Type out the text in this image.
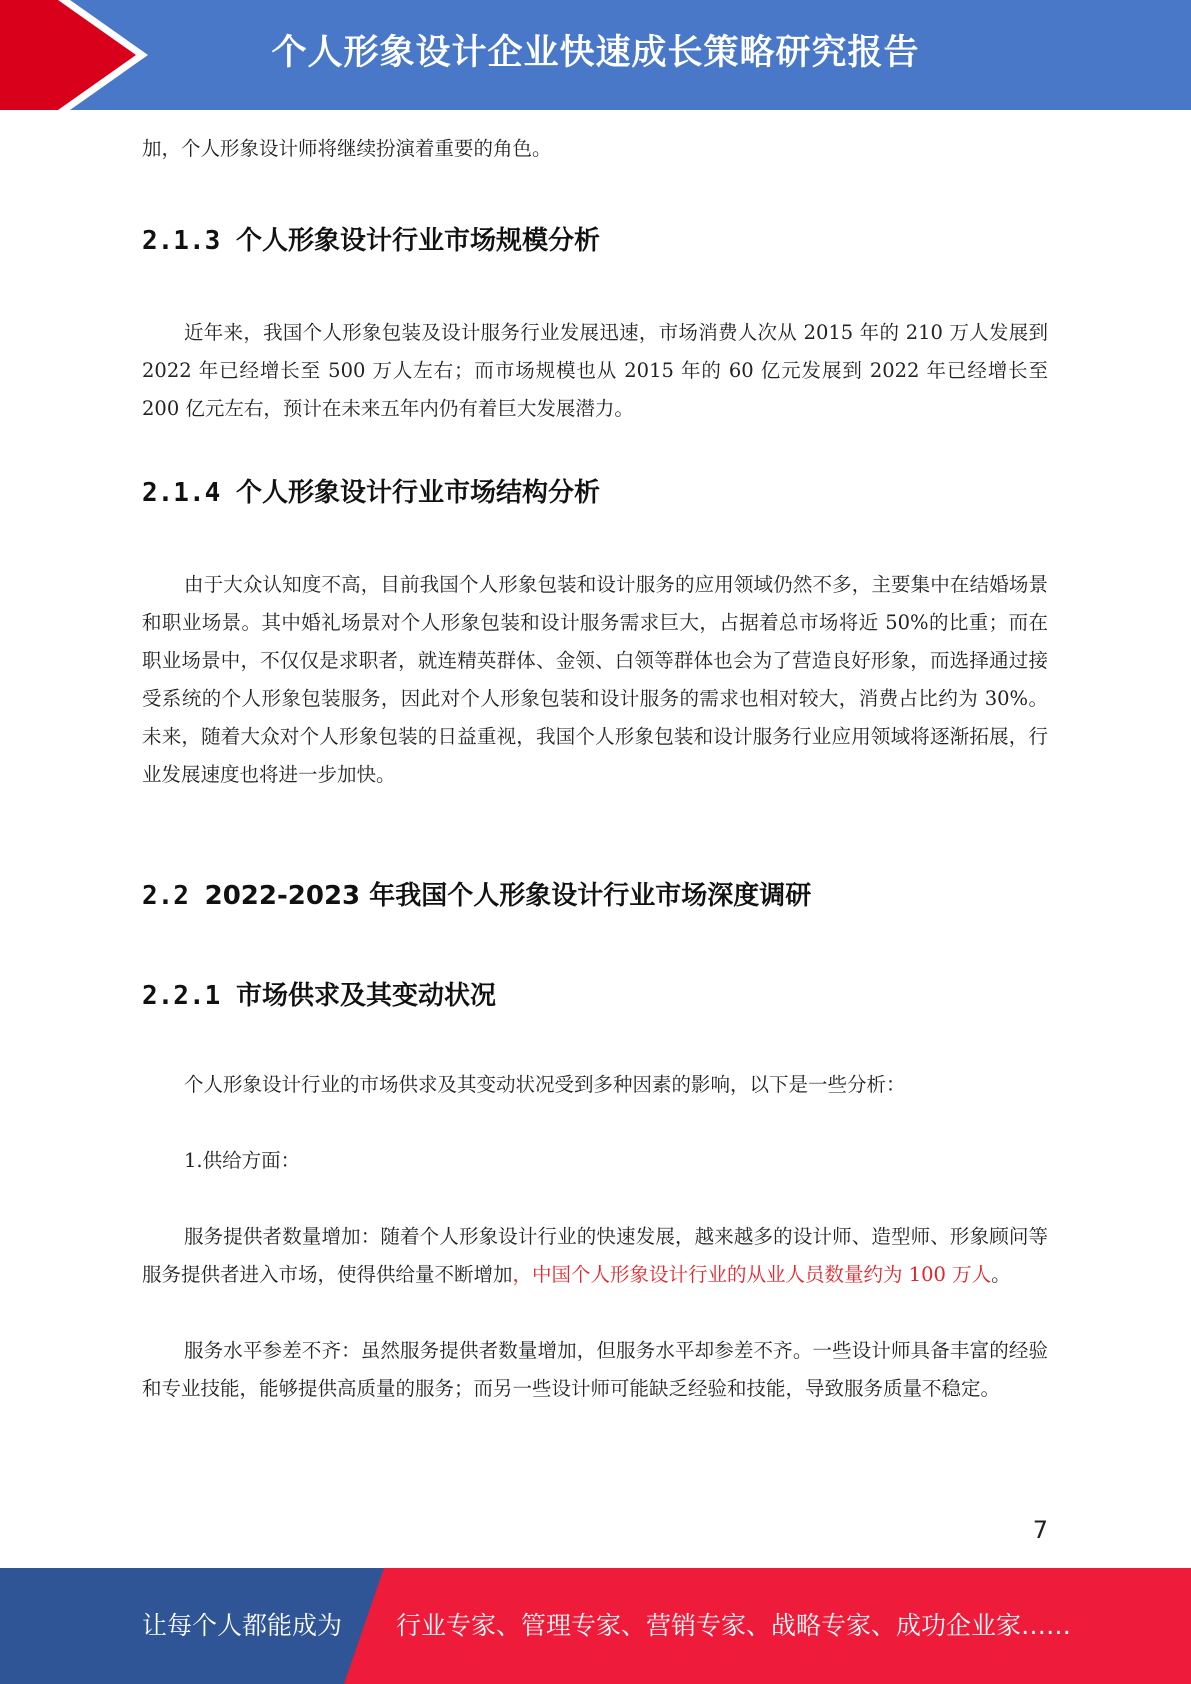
个人形象设计企业快速成长策略研究报告

加，个人形象设计师将继续扮演着重要的角色。

2.1.3 个人形象设计行业市场规模分析

近年来，我国个人形象包装及设计服务行业发展迅速，市场消费人次从 2015 年的 210 万人发展到 2022 年已经增长至 500 万人左右；而市场规模也从 2015 年的 60 亿元发展到 2022 年已经增长至 200 亿元左右，预计在未来五年内仍有着巨大发展潜力。

2.1.4 个人形象设计行业市场结构分析

由于大众认知度不高，目前我国个人形象包装和设计服务的应用领域仍然不多，主要集中在结婚场景和职业场景。其中婚礼场景对个人形象包装和设计服务需求巨大，占据着总市场将近 50%的比重；而在职业场景中，不仅仅是求职者，就连精英群体、金领、白领等群体也会为了营造良好形象，而选择通过接受系统的个人形象包装服务，因此对个人形象包装和设计服务的需求也相对较大，消费占比约为 30%。未来，随着大众对个人形象包装的日益重视，我国个人形象包装和设计服务行业应用领域将逐渐拓展，行业发展速度也将进一步加快。

2.2 2022-2023 年我国个人形象设计行业市场深度调研
2.2.1 市场供求及其变动状况

个人形象设计行业的市场供求及其变动状况受到多种因素的影响，以下是一些分析：

1.供给方面：

服务提供者数量增加：随着个人形象设计行业的快速发展，越来越多的设计师、造型师、形象顾问等服务提供者进入市场，使得供给量不断增加，中国个人形象设计行业的从业人员数量约为 100 万人。

服务水平参差不齐：虽然服务提供者数量增加，但服务水平却参差不齐。一些设计师具备丰富的经验和专业技能，能够提供高质量的服务；而另一些设计师可能缺乏经验和技能，导致服务质量不稳定。

7
让每个人都能成为 行业专家、管理专家、营销专家、战略专家、成功企业家……
